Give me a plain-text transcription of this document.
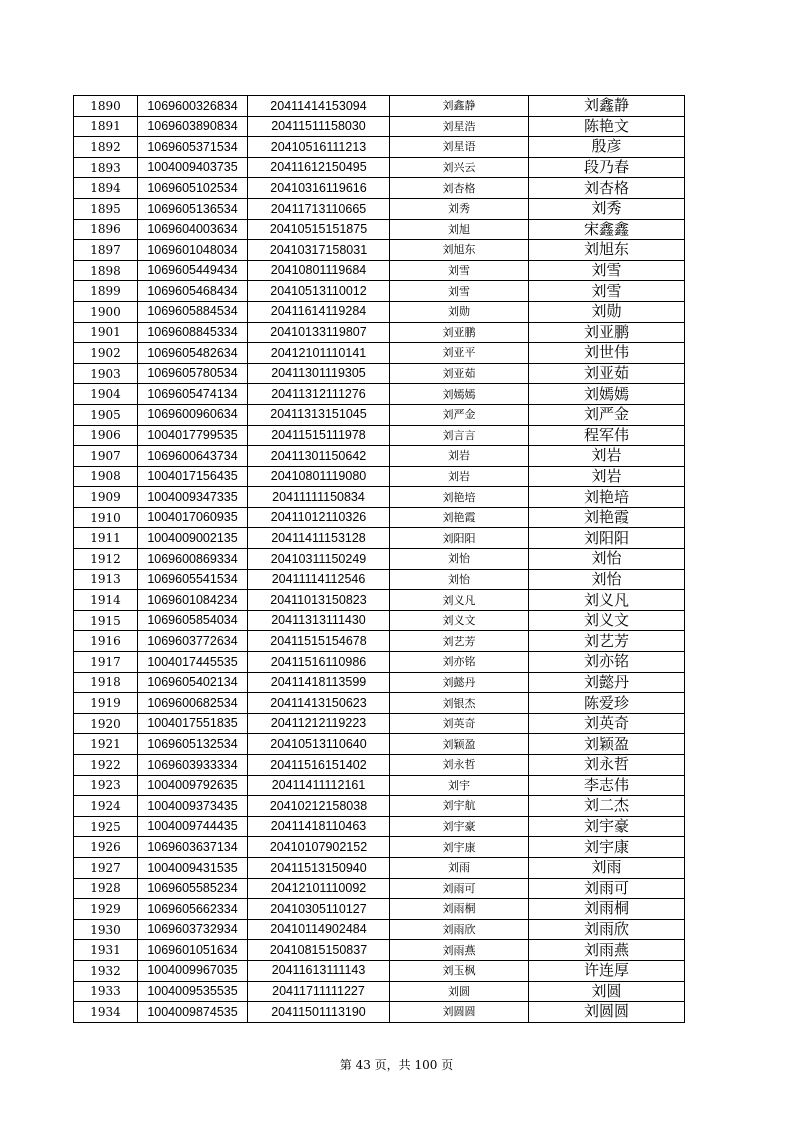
1890	1069600326834	20411414153094	刘鑫静	刘鑫静
1891	1069603890834	20411511158030	刘星浩	陈艳文
1892	1069605371534	20410516111213	刘星语	殷彦
1893	1004009403735	20411612150495	刘兴云	段乃春
1894	1069605102534	20410316119616	刘杏格	刘杏格
1895	1069605136534	20411713110665	刘秀	刘秀
1896	1069604003634	20410515151875	刘旭	宋鑫鑫
1897	1069601048034	20410317158031	刘旭东	刘旭东
1898	1069605449434	20410801119684	刘雪	刘雪
1899	1069605468434	20410513110012	刘雪	刘雪
1900	1069605884534	20411614119284	刘勋	刘勋
1901	1069608845334	20410133119807	刘亚鹏	刘亚鹏
1902	1069605482634	20412101110141	刘亚平	刘世伟
1903	1069605780534	20411301119305	刘亚茹	刘亚茹
1904	1069605474134	20411312111276	刘嫣嫣	刘嫣嫣
1905	1069600960634	20411313151045	刘严金	刘严金
1906	1004017799535	20411515111978	刘言言	程军伟
1907	1069600643734	20411301150642	刘岩	刘岩
1908	1004017156435	20410801119080	刘岩	刘岩
1909	1004009347335	20411111150834	刘艳培	刘艳培
1910	1004017060935	20411012110326	刘艳霞	刘艳霞
1911	1004009002135	20411411153128	刘阳阳	刘阳阳
1912	1069600869334	20410311150249	刘怡	刘怡
1913	1069605541534	20411114112546	刘怡	刘怡
1914	1069601084234	20411013150823	刘义凡	刘义凡
1915	1069605854034	20411313111430	刘义文	刘义文
1916	1069603772634	20411515154678	刘艺芳	刘艺芳
1917	1004017445535	20411516110986	刘亦铭	刘亦铭
1918	1069605402134	20411418113599	刘懿丹	刘懿丹
1919	1069600682534	20411413150623	刘银杰	陈爱珍
1920	1004017551835	20411212119223	刘英奇	刘英奇
1921	1069605132534	20410513110640	刘颖盈	刘颖盈
1922	1069603933334	20411516151402	刘永哲	刘永哲
1923	1004009792635	20411411112161	刘宇	李志伟
1924	1004009373435	20410212158038	刘宇航	刘二杰
1925	1004009744435	20411418110463	刘宇豪	刘宇豪
1926	1069603637134	20410107902152	刘宇康	刘宇康
1927	1004009431535	20411513150940	刘雨	刘雨
1928	1069605585234	20412101110092	刘雨可	刘雨可
1929	1069605662334	20410305110127	刘雨桐	刘雨桐
1930	1069603732934	20410114902484	刘雨欣	刘雨欣
1931	1069601051634	20410815150837	刘雨燕	刘雨燕
1932	1004009967035	20411613111143	刘玉枫	许连厚
1933	1004009535535	20411711111227	刘圆	刘圆
1934	1004009874535	20411501113190	刘圆圆	刘圆圆
第 43 页，共 100 页
